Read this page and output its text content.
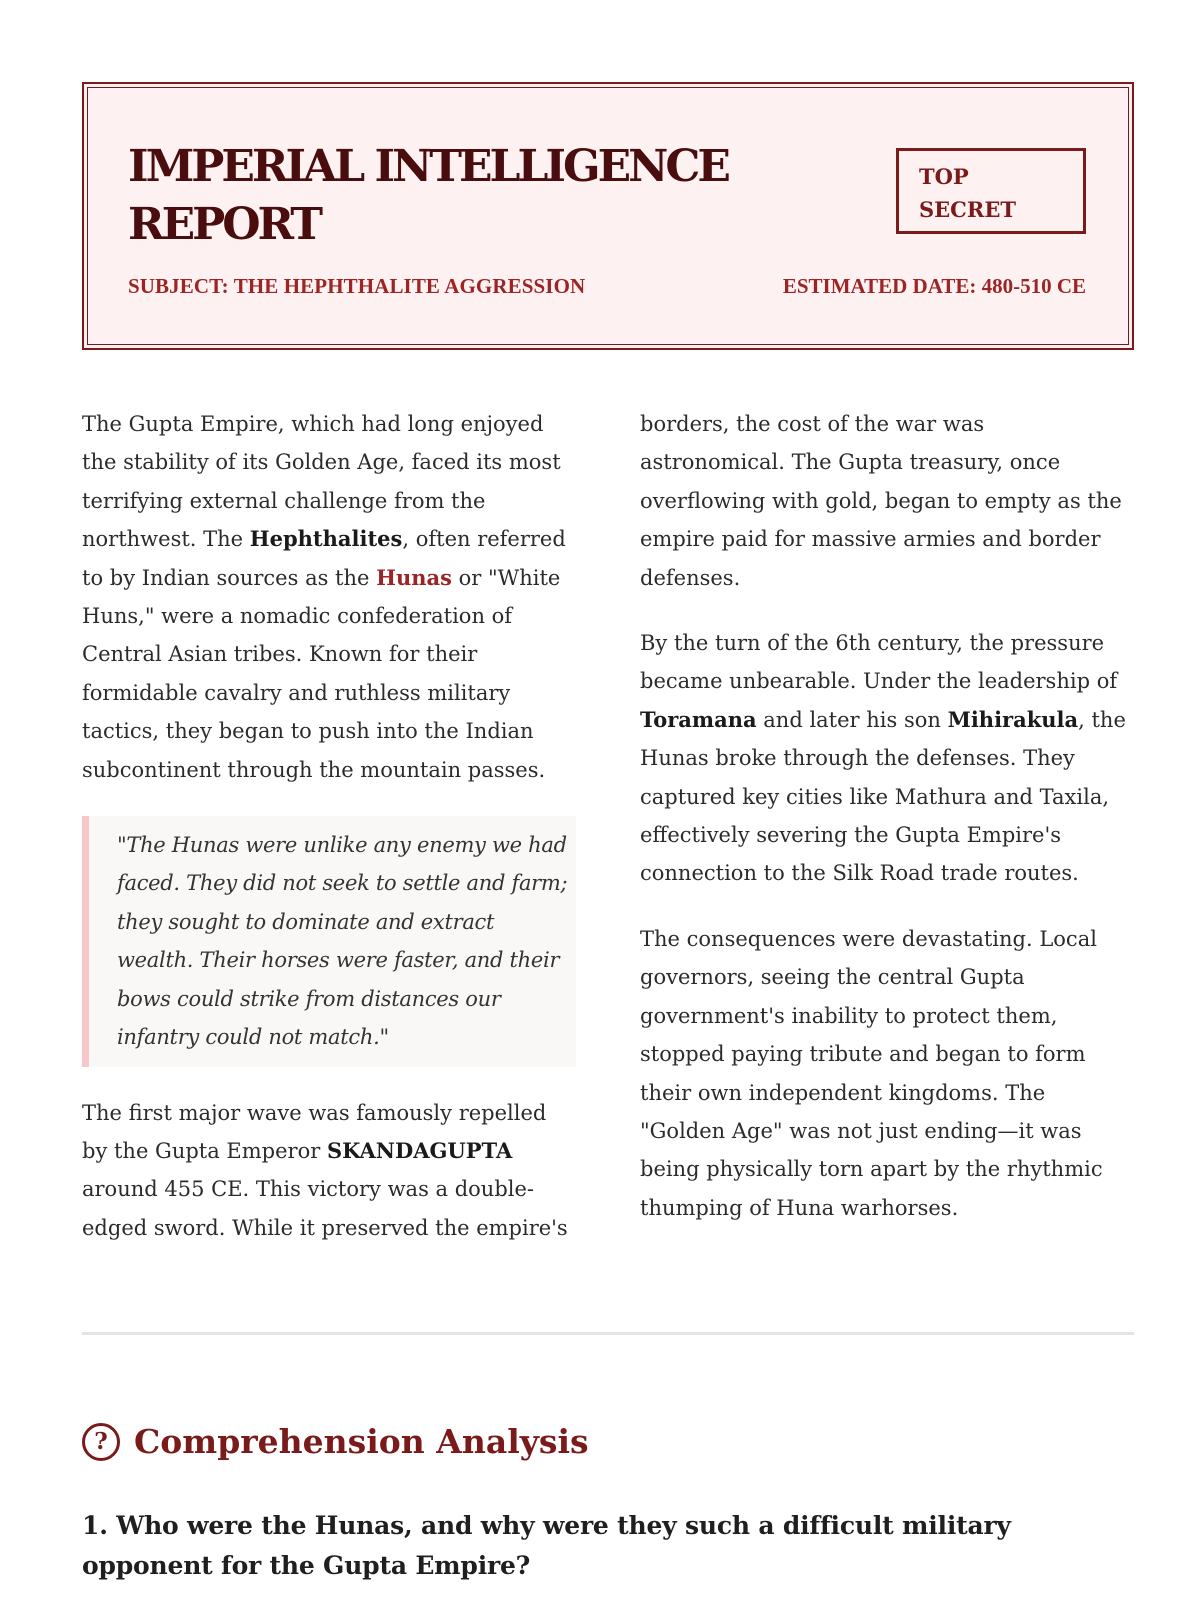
IMPERIAL INTELLIGENCE REPORT
TOP
SECRET
SUBJECT: THE HEPHTHALITE AGGRESSION	ESTIMATED DATE: 480-510 CE

The Gupta Empire, which had long enjoyed the stability of its Golden Age, faced its most terrifying external challenge from the northwest. The Hephthalites, often referred to by Indian sources as the Hunas or "White Huns," were a nomadic confederation of Central Asian tribes. Known for their formidable cavalry and ruthless military tactics, they began to push into the Indian subcontinent through the mountain passes.

"The Hunas were unlike any enemy we had faced. They did not seek to settle and farm; they sought to dominate and extract wealth. Their horses were faster, and their bows could strike from distances our infantry could not match."

The first major wave was famously repelled by the Gupta Emperor SKANDAGUPTA around 455 CE. This victory was a double-edged sword. While it preserved the empire's borders, the cost of the war was astronomical. The Gupta treasury, once overflowing with gold, began to empty as the empire paid for massive armies and border defenses.

By the turn of the 6th century, the pressure became unbearable. Under the leadership of Toramana and later his son Mihirakula, the Hunas broke through the defenses. They captured key cities like Mathura and Taxila, effectively severing the Gupta Empire's connection to the Silk Road trade routes.

The consequences were devastating. Local governors, seeing the central Gupta government's inability to protect them, stopped paying tribute and began to form their own independent kingdoms. The "Golden Age" was not just ending—it was being physically torn apart by the rhythmic thumping of Huna warhorses.

? Comprehension Analysis
1. Who were the Hunas, and why were they such a difficult military opponent for the Gupta Empire?
